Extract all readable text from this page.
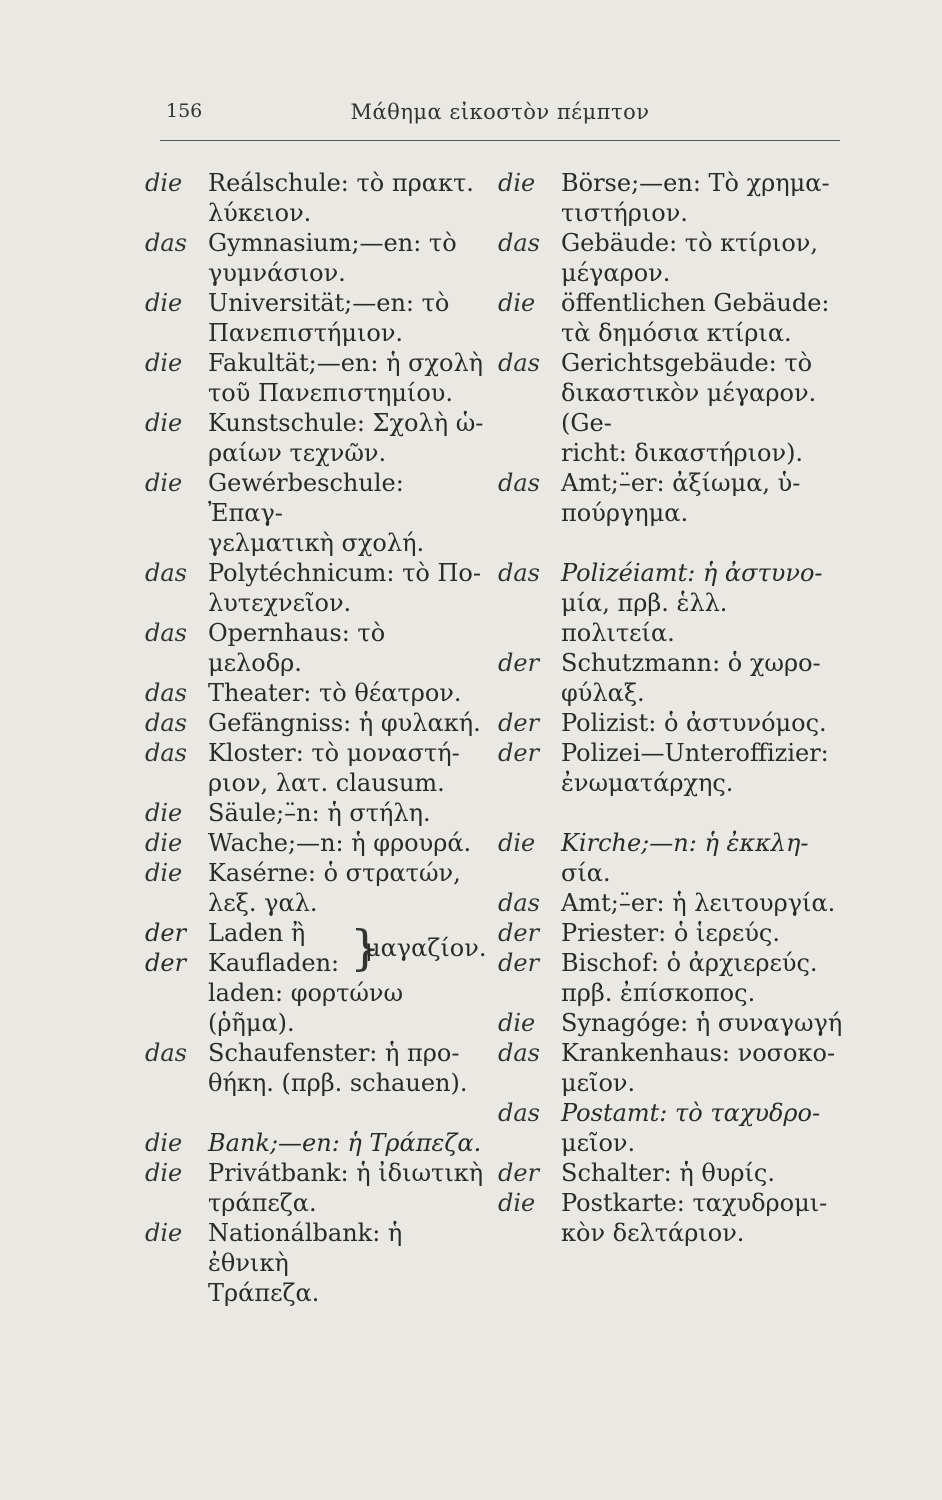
156	Μάθημα εἰκοστὸν πέμπτον
die Reálschule: τὸ πρακτ.
λύκειον.
das Gymnasium;—en: τὸ
γυμνάσιον.
die Universität;—en: τὸ
Πανεπιστήμιον.
die Fakultät;—en: ἡ σχολὴ
τοῦ Πανεπιστημίου.
die Kunstschule: Σχολὴ ὡ-
ραίων τεχνῶν.
die Gewérbeschule: Ἐπαγ-
γελματικὴ σχολή.
das Polytéchnicum: τὸ Πο-
λυτεχνεῖον.
das Opernhaus: τὸ μελοδρ.
das Theater: τὸ θέατρον.
das Gefängniss: ἡ φυλακή.
das Kloster: τὸ μοναστή-
ριον, λατ. clausum.
die Säule;–̈n: ἡ στήλη.
die Wache;—n: ἡ φρουρά.
die Kasérne: ὁ στρατών,
λεξ. γαλ.
der Laden ἢ
der Kaufladen: }
μαγαζίον.
laden: φορτώνω (ῥῆμα).
das Schaufenster: ἡ προ-
θήκη. (πρβ. schauen).
die Bank;—en: ἡ Τράπεζα.
die Privátbank: ἡ ἰδιωτικὴ
τράπεζα.
die Nationálbank: ἡ ἐθνικὴ
Τράπεζα.
die Börse;—en: Τὸ χρημα-
τιστήριον.
das Gebäude: τὸ κτίριον,
μέγαρον.
die öffentlichen Gebäude:
τὰ δημόσια κτίρια.
das Gerichtsgebäude: τὸ
δικαστικὸν μέγαρον. (Ge-
richt: δικαστήριον).
das Amt;–̈er: ἀξίωμα, ὑ-
πούργημα.
das Polizéiamt: ἡ ἀστυνο-
μία, πρβ. ἑλλ. πολιτεία.
der Schutzmann: ὁ χωρο-
φύλαξ.
der Polizist: ὁ ἀστυνόμος.
der Polizei—Unteroffizier:
ἐνωματάρχης.
die Kirche;—n: ἡ ἐκκλη-
σία.
das Amt;–̈er: ἡ λειτουργία.
der Priester: ὁ ἱερεύς.
der Bischof: ὁ ἀρχιερεύς.
πρβ. ἐπίσκοπος.
die Synagóge: ἡ συναγωγή
das Krankenhaus: νοσοκο-
μεῖον.
das Postamt: τὸ ταχυδρο-
μεῖον.
der Schalter: ἡ θυρίς.
die Postkarte: ταχυδρομι-
κὸν δελτάριον.
